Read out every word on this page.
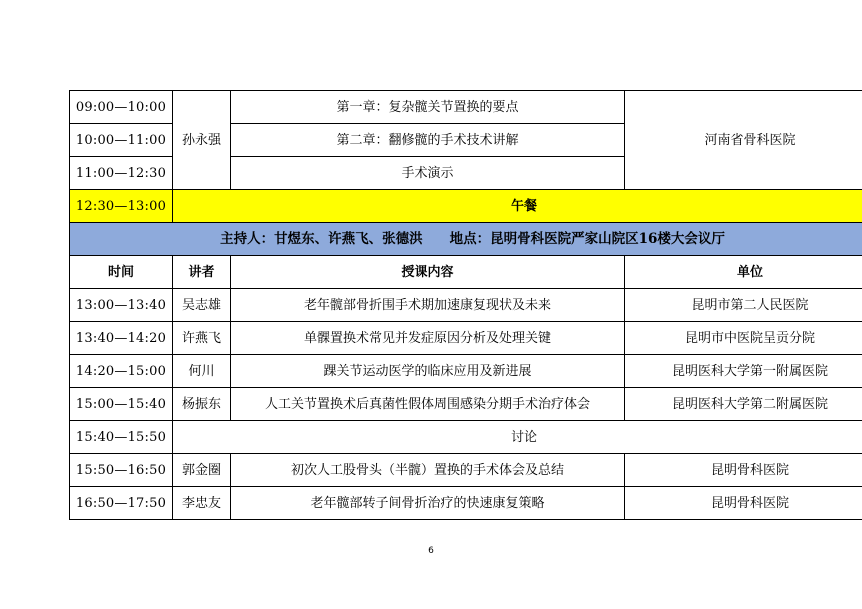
09:00—10:00	孙永强	第一章：复杂髋关节置换的要点	河南省骨科医院
10:00—11:00		第二章：翻修髋的手术技术讲解	
11:00—12:30		手术演示	
12:30—13:00	午餐		
主持人：甘煜东、许燕飞、张德洪　　地点：昆明骨科医院严家山院区16楼大会议厅			
时间	讲者	授课内容	单位
13:00—13:40	吴志雄	老年髋部骨折围手术期加速康复现状及未来	昆明市第二人民医院
13:40—14:20	许燕飞	单髁置换术常见并发症原因分析及处理关键	昆明市中医院呈贡分院
14:20—15:00	何川	踝关节运动医学的临床应用及新进展	昆明医科大学第一附属医院
15:00—15:40	杨振东	人工关节置换术后真菌性假体周围感染分期手术治疗体会	昆明医科大学第二附属医院
15:40—15:50	讨论		
15:50—16:50	郭金圈	初次人工股骨头（半髋）置换的手术体会及总结	昆明骨科医院
16:50—17:50	李忠友	老年髋部转子间骨折治疗的快速康复策略	昆明骨科医院
6
